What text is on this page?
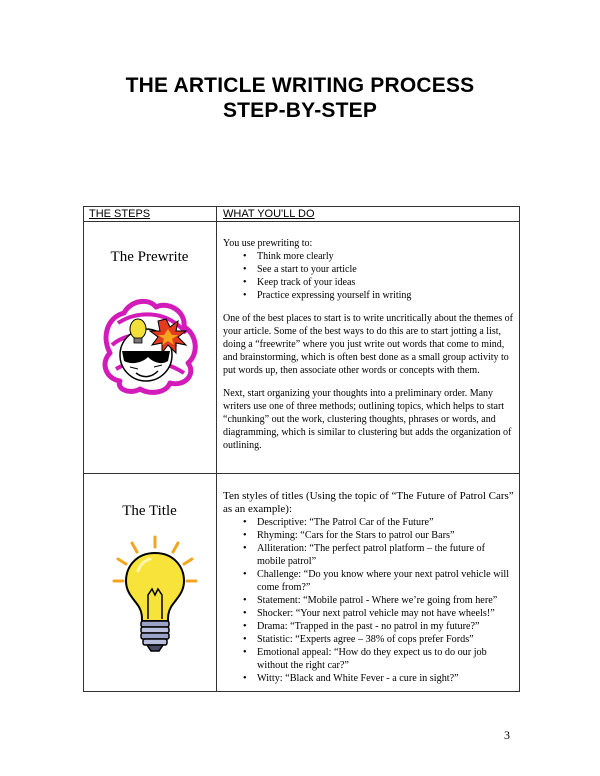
THE ARTICLE WRITING PROCESS
STEP-BY-STEP
THE STEPS	WHAT YOU'LL DO
The Prewrite

You use prewriting to:

• Think more clearly
• See a start to your article
• Keep track of your ideas
• Practice expressing yourself in writing

One of the best places to start is to write uncritically about the themes of your article. Some of the best ways to do this are to start jotting a list, doing a “freewrite” where you just write out words that come to mind, and brainstorming, which is often best done as a small group activity to put words up, then associate other words or concepts with them.

Next, start organizing your thoughts into a preliminary order. Many writers use one of three methods; outlining topics, which helps to start “chunking” out the work, clustering thoughts, phrases or words, and diagramming, which is similar to clustering but adds the organization of outlining.

The Title

Ten styles of titles (Using the topic of “The Future of Patrol Cars” as an example):

• Descriptive: “The Patrol Car of the Future”
• Rhyming: “Cars for the Stars to patrol our Bars”
• Alliteration: “The perfect patrol platform – the future of mobile patrol”
• Challenge: “Do you know where your next patrol vehicle will come from?”
• Statement: “Mobile patrol - Where we’re going from here”
• Shocker: “Your next patrol vehicle may not have wheels!”
• Drama: “Trapped in the past - no patrol in my future?”
• Statistic: “Experts agree – 38% of cops prefer Fords”
• Emotional appeal: “How do they expect us to do our job without the right car?”
• Witty: “Black and White Fever - a cure in sight?”
3
